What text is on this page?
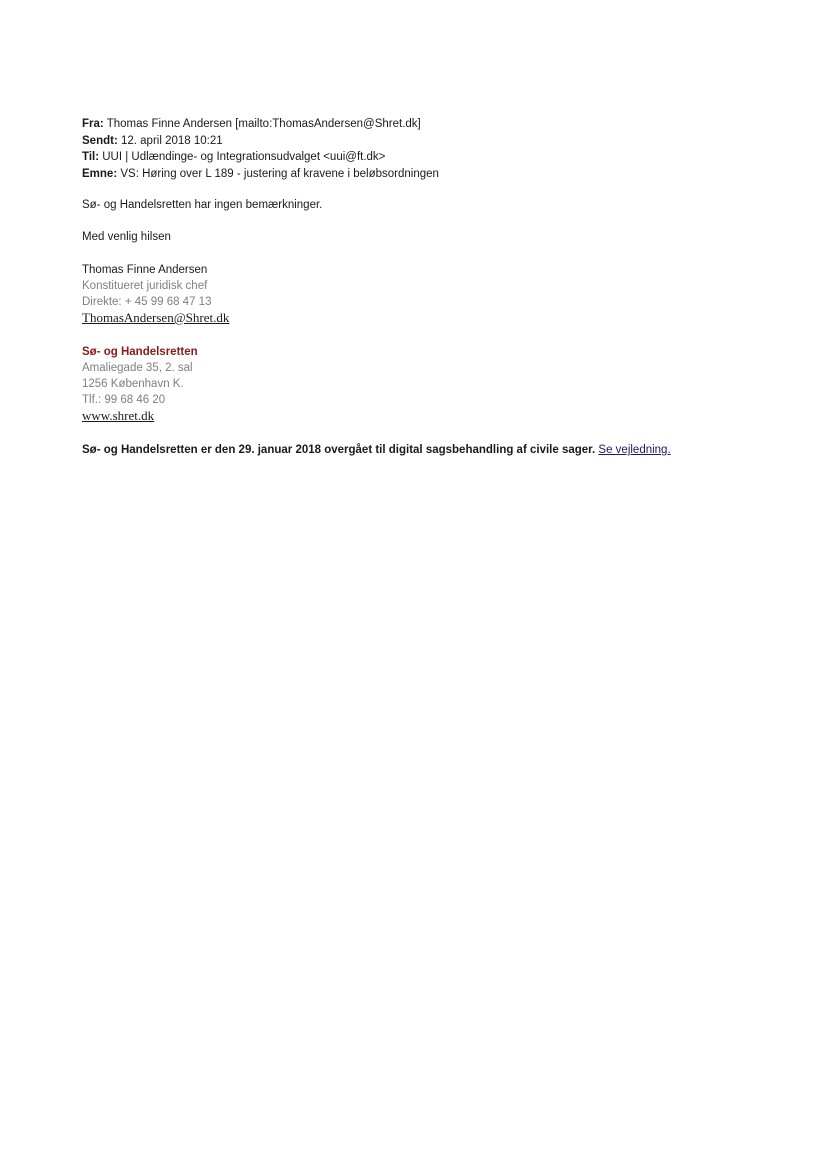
Fra: Thomas Finne Andersen [mailto:ThomasAndersen@Shret.dk]
Sendt: 12. april 2018 10:21
Til: UUI | Udlændinge- og Integrationsudvalget <uui@ft.dk>
Emne: VS: Høring over L 189 - justering af kravene i beløbsordningen

Sø- og Handelsretten har ingen bemærkninger.

Med venlig hilsen

Thomas Finne Andersen
Konstitueret juridisk chef
Direkte: + 45 99 68 47 13
ThomasAndersen@Shret.dk
Sø- og Handelsretten
Amaliegade 35, 2. sal
1256 København K.
Tlf.: 99 68 46 20
www.shret.dk
Sø- og Handelsretten er den 29. januar 2018 overgået til digital sagsbehandling af civile sager. Se vejledning.
